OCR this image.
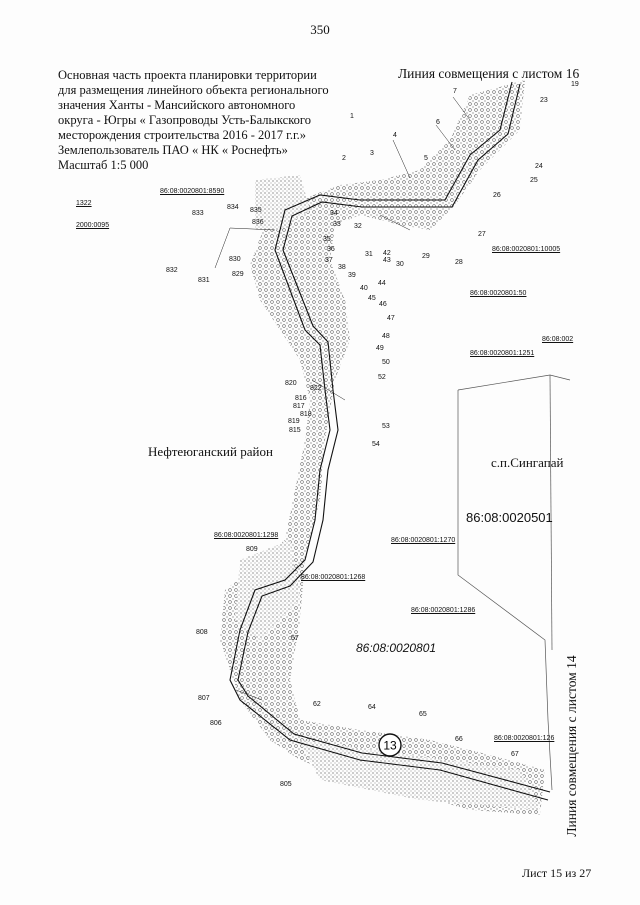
1
2
3
4
5
6
7
19
23
24
25
26
27
28
29
30
31
32
33
34
35
36
37
38
39
40
42
43
44
45
46
47
48
49
50
52
53
54
832
831
833
834
829
830
835
836
820
822
816
817
818
819
815
809
808
807
806
805
57
62	64
65
66
67
13
350
Основная часть проекта планировки территории
для размещения линейного объекта регионального
значения Ханты - Мансийского автономного
округа - Югры « Газопроводы Усть-Балыкского
месторождения строительства 2016 - 2017 г.г.»
Землепользователь ПАО « НК « Роснефть»
Масштаб 1:5 000
Линия совмещения с листом 16
Линия совмещения с листом 14
Нефтеюганский район
с.п.Сингапай
86:08:0020501
86:08:0020801
86:08:0020801:8590
86:08:0020801:10005
86:08:0020801:50
86:08:002
86:08:0020801:1251
86:08:0020801:1298
86:08:0020801:1270
86:08:0020801:1268
86:08:0020801:1286
86:08:0020801:126
1322
2000:0095
Лист 15 из 27
